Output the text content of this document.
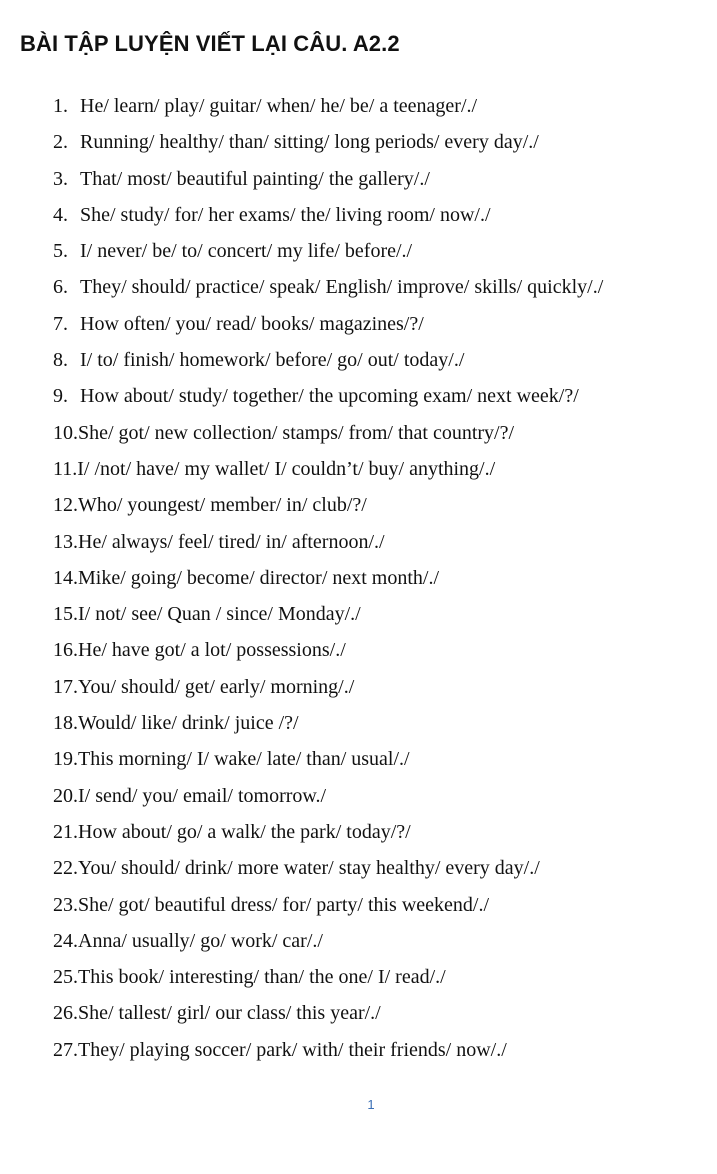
BÀI TẬP LUYỆN VIẾT LẠI CÂU. A2.2
1. He/ learn/ play/ guitar/ when/ he/ be/ a teenager/./
2. Running/ healthy/ than/ sitting/ long periods/ every day/./
3. That/ most/ beautiful painting/ the gallery/./
4. She/ study/ for/ her exams/ the/ living room/ now/./
5. I/ never/ be/ to/ concert/ my life/ before/./
6. They/ should/ practice/ speak/ English/ improve/ skills/ quickly/./
7. How often/ you/ read/ books/ magazines/?/
8. I/ to/ finish/ homework/ before/ go/ out/ today/./
9. How about/ study/ together/ the upcoming exam/ next week/?/
10. She/ got/ new collection/ stamps/ from/ that country/?/
11. I/ /not/ have/ my wallet/ I/ couldn’t/ buy/ anything/./
12. Who/ youngest/ member/ in/ club/?/
13. He/ always/ feel/ tired/ in/ afternoon/./
14. Mike/ going/ become/ director/ next month/./
15. I/ not/ see/ Quan / since/ Monday/./
16. He/ have got/ a lot/ possessions/./
17. You/ should/ get/ early/ morning/./
18. Would/ like/ drink/ juice /?/
19. This morning/ I/ wake/ late/ than/ usual/./
20. I/ send/ you/ email/ tomorrow./
21. How about/ go/ a walk/ the park/ today/?/
22. You/ should/ drink/ more water/ stay healthy/ every day/./
23. She/ got/ beautiful dress/ for/ party/ this weekend/./
24. Anna/ usually/ go/ work/ car/./
25. This book/ interesting/ than/ the one/ I/ read/./
26. She/ tallest/ girl/ our class/ this year/./
27. They/ playing soccer/ park/ with/ their friends/ now/./
1
